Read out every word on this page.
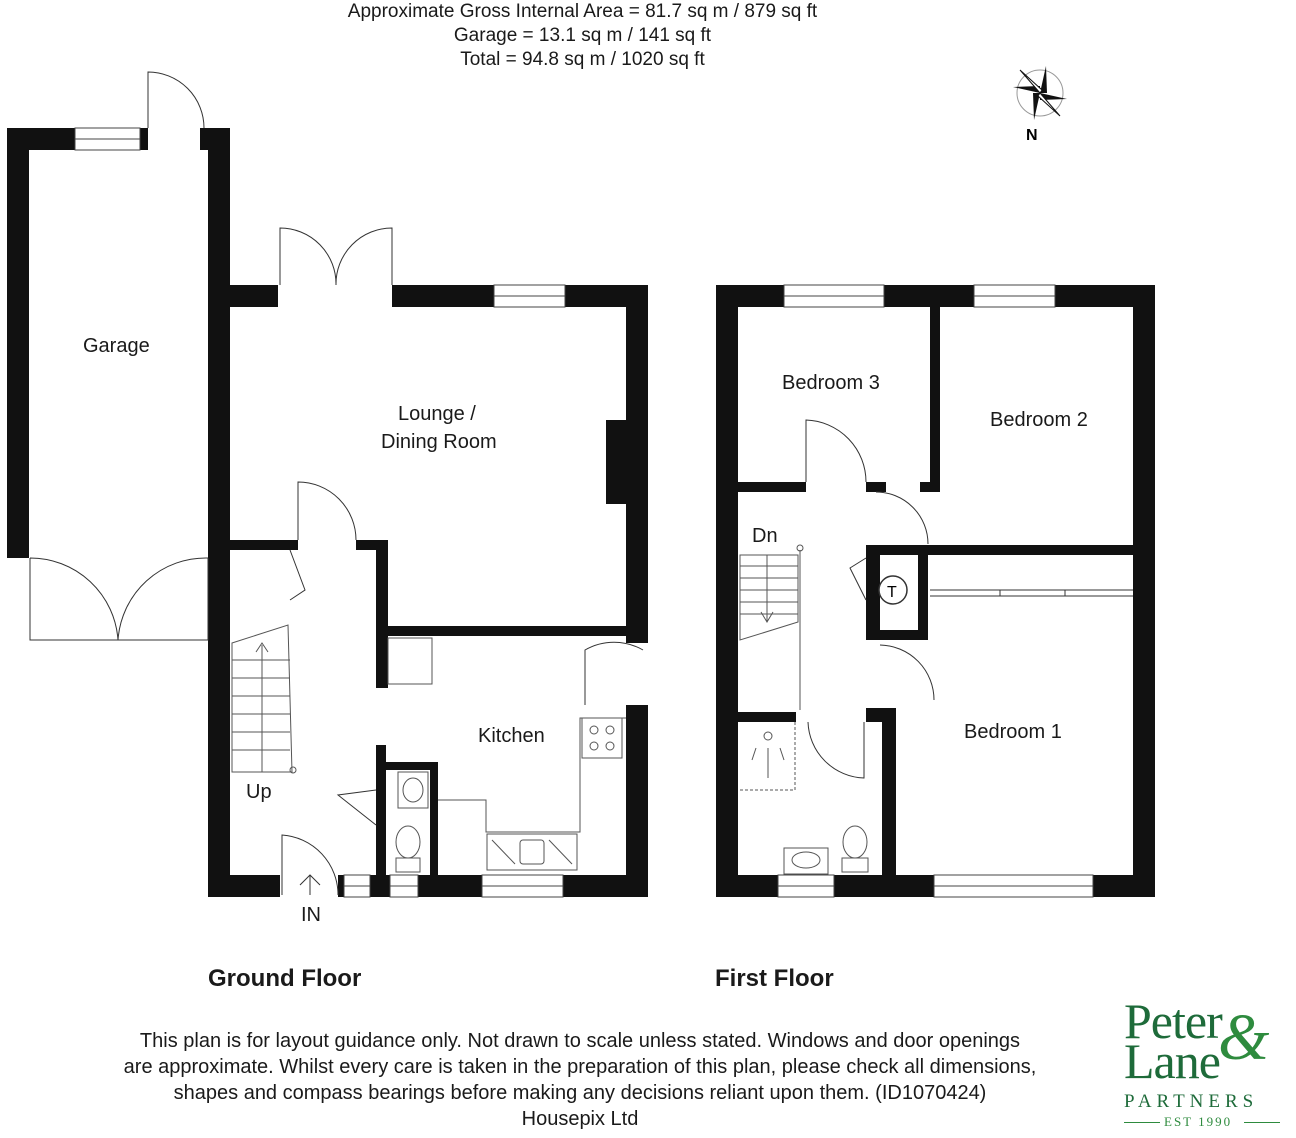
Approximate Gross Internal Area = 81.7 sq m / 879 sq ft
Garage = 13.1 sq m / 141 sq ft
Total = 94.8 sq m / 1020 sq ft
N
T
Garage
Lounge /
Dining Room
Kitchen
Up
IN
Bedroom 3
Bedroom 2
Bedroom 1
Dn
Ground Floor	First Floor
This plan is for layout guidance only. Not drawn to scale unless stated. Windows and door openings
are approximate. Whilst every care is taken in the preparation of this plan, please check all dimensions,
shapes and compass bearings before making any decisions reliant upon them. (ID1070424)
Housepix Ltd
Peter
&
Lane
PARTNERS
EST 1990
